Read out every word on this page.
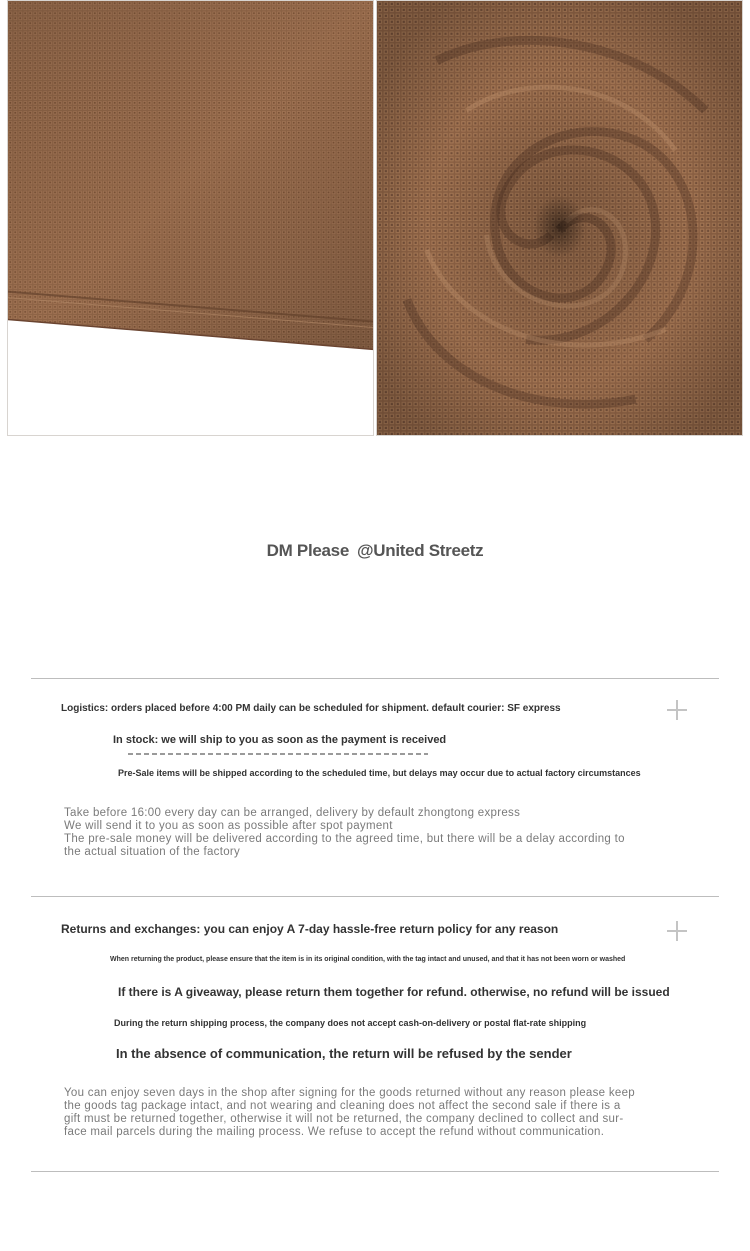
DM Please @United Streetz
Logistics: orders placed before 4:00 PM daily can be scheduled for shipment. default courier: SF express
In stock: we will ship to you as soon as the payment is received
Pre-Sale items will be shipped according to the scheduled time, but delays may occur due to actual factory circumstances
Take before 16:00 every day can be arranged, delivery by default zhongtong express
We will send it to you as soon as possible after spot payment
The pre-sale money will be delivered according to the agreed time, but there will be a delay according to
the actual situation of the factory
Returns and exchanges: you can enjoy A 7-day hassle-free return policy for any reason
When returning the product, please ensure that the item is in its original condition, with the tag intact and unused, and that it has not been worn or washed
If there is A giveaway, please return them together for refund. otherwise, no refund will be issued
During the return shipping process, the company does not accept cash-on-delivery or postal flat-rate shipping
In the absence of communication, the return will be refused by the sender
You can enjoy seven days in the shop after signing for the goods returned without any reason please keep
the goods tag package intact, and not wearing and cleaning does not affect the second sale if there is a
gift must be returned together, otherwise it will not be returned, the company declined to collect and sur-
face mail parcels during the mailing process. We refuse to accept the refund without communication.
